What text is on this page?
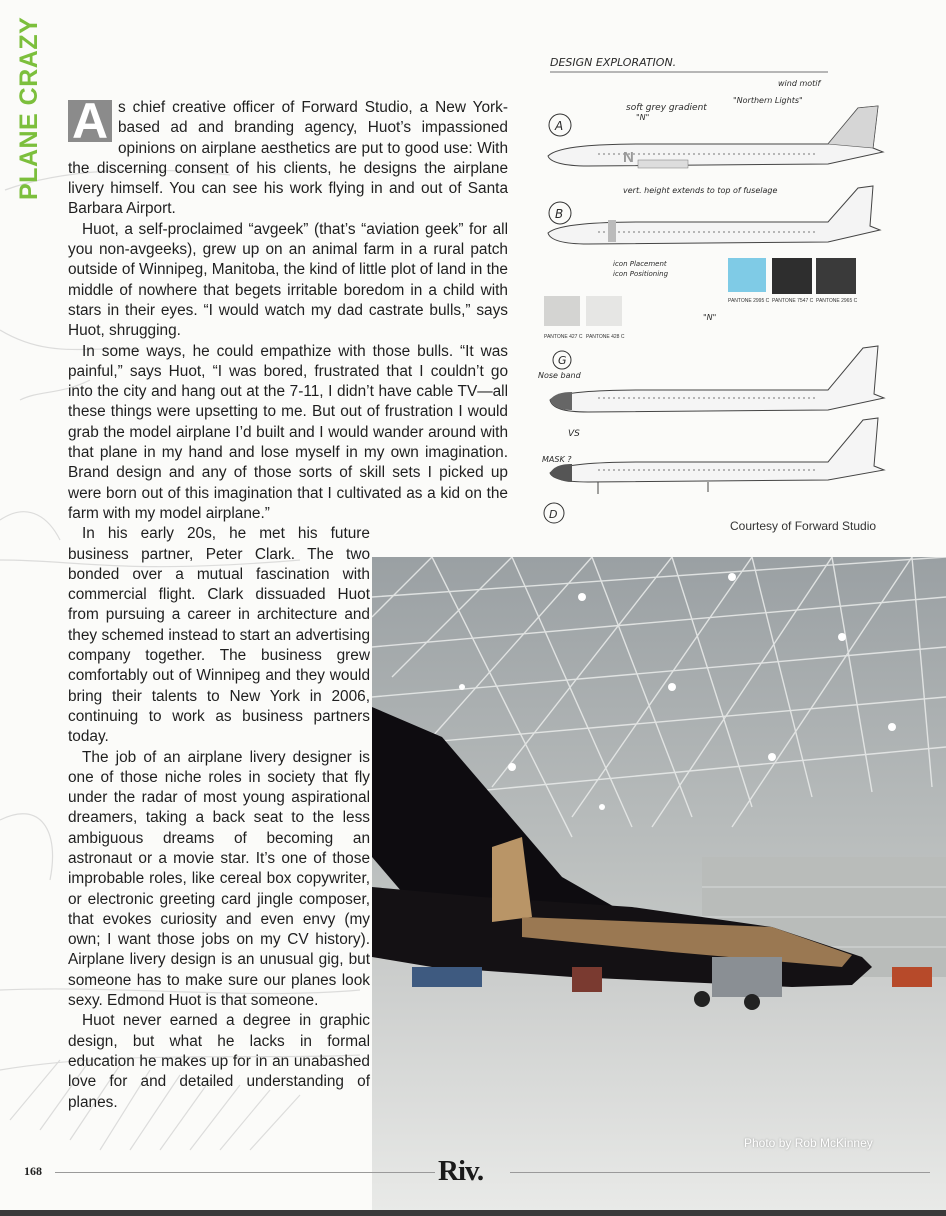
PLANE CRAZY A s chief creative officer of Forward Studio, a New York-based ad and branding agency, Huot’s impassioned opinions on airplane aesthetics are put to good use: With the discerning consent of his clients, he designs the airplane livery himself. You can see his work flying in and out of Santa Barbara Airport.

Huot, a self-proclaimed “avgeek” (that’s “aviation geek” for all you non-avgeeks), grew up on an animal farm in a rural patch outside of Winnipeg, Manitoba, the kind of little plot of land in the middle of nowhere that begets irritable boredom in a child with stars in their eyes. “I would watch my dad castrate bulls,” says Huot, shrugging.

In some ways, he could empathize with those bulls. “It was painful,” says Huot, “I was bored, frustrated that I couldn’t go into the city and hang out at the 7-11, I didn’t have cable TV—all these things were upsetting to me. But out of frustration I would grab the model airplane I’d built and I would wander around with that plane in my hand and lose myself in my own imagination. Brand design and any of those sorts of skill sets I picked up were born out of this imagination that I cultivated as a kid on the farm with my model airplane.”

In his early 20s, he met his future business partner, Peter Clark. The two bonded over a mutual fascination with commercial flight. Clark dissuaded Huot from pursuing a career in architecture and they schemed instead to start an advertising company together. The business grew comfortably out of Winnipeg and they would bring their talents to New York in 2006, continuing to work as business partners today.

The job of an airplane livery designer is one of those niche roles in society that fly under the radar of most young aspirational dreamers, taking a back seat to the less ambiguous dreams of becoming an astronaut or a movie star. It’s one of those improbable roles, like cereal box copywriter, or electronic greeting card jingle composer, that evokes curiosity and even envy (my own; I want those jobs on my CV history). Airplane livery design is an unusual gig, but someone has to make sure our planes look sexy. Edmond Huot is that someone.

Huot never earned a degree in graphic design, but what he lacks in formal education he makes up for in an unabashed love for and detailed understanding of planes.

DESIGN EXPLORATION.
N
A
soft grey gradient
"N"
"Northern Lights"
wind motif
B
vert. height extends to top of fuselage
icon Placement
icon Positioning
PANTONE 2995 C PANTONE 7547 C PANTONE 2965 C
PANTONE 427 C PANTONE 428 C
"N"
Nose band
G
VS
MASK ?
D
Courtesy of Forward Studio
Photo by Rob McKinney
168	Riv.
